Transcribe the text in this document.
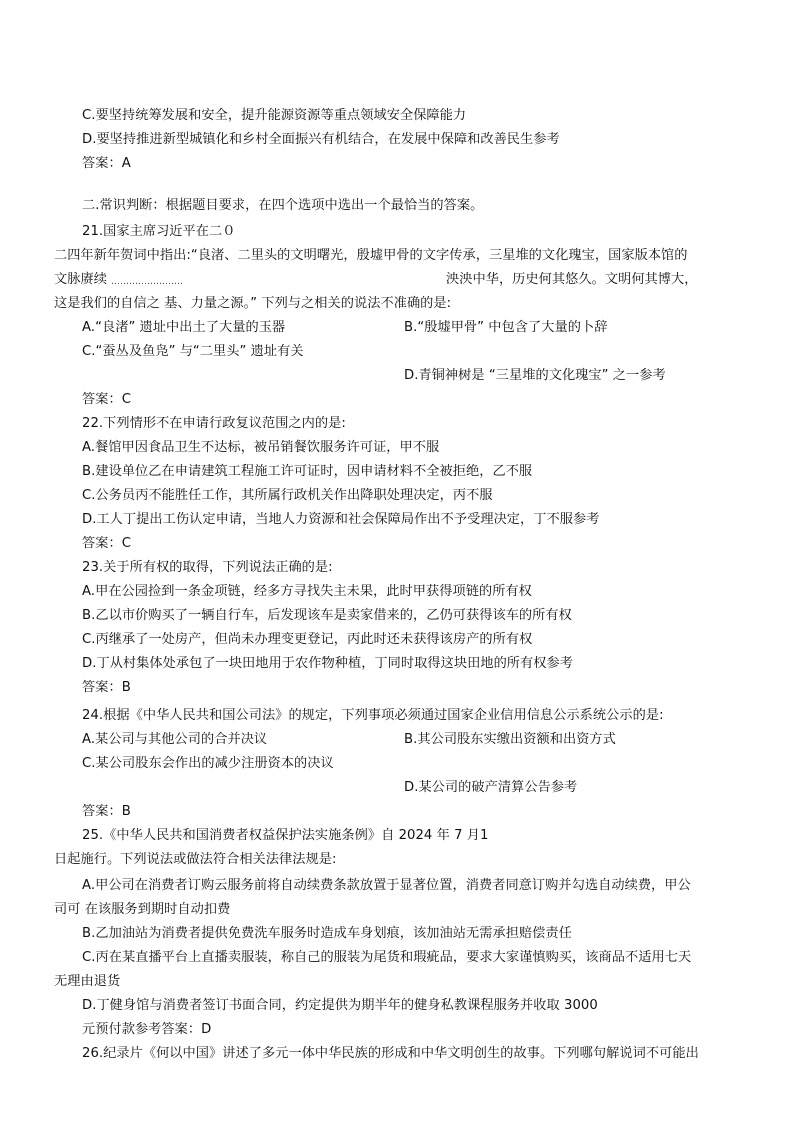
C.要坚持统筹发展和安全，提升能源资源等重点领域安全保障能力
D.要坚持推进新型城镇化和乡村全面振兴有机结合，在发展中保障和改善民生参考
答案：A
二.常识判断：根据题目要求，在四个选项中选出一个最恰当的答案。
21.国家主席习近平在二０
二四年新年贺词中指出:“良渚、二里头的文明曙光，殷墟甲骨的文字传承，三星堆的文化瑰宝，国家版本馆的
文脉赓续 ……………………	泱泱中华，历史何其悠久。文明何其博大，
这是我们的自信之 基、力量之源。” 下列与之相关的说法不准确的是:
A.“良渚” 遗址中出土了大量的玉器	B.“殷墟甲骨” 中包含了大量的卜辞
C.“蚕丛及鱼凫” 与“二里头” 遗址有关
D.青铜神树是 “三星堆的文化瑰宝” 之一参考
答案：C
22.下列情形不在申请行政复议范围之内的是:
A.餐馆甲因食品卫生不达标，被吊销餐饮服务许可证，甲不服
B.建设单位乙在申请建筑工程施工许可证时，因申请材料不全被拒绝，乙不服
C.公务员丙不能胜任工作，其所属行政机关作出降职处理决定，丙不服
D.工人丁提出工伤认定申请，当地人力资源和社会保障局作出不予受理决定，丁不服参考
答案：C
23.关于所有权的取得，下列说法正确的是:
A.甲在公园捡到一条金项链，经多方寻找失主未果，此时甲获得项链的所有权
B.乙以市价购买了一辆自行车，后发现该车是卖家借来的，乙仍可获得该车的所有权
C.丙继承了一处房产，但尚未办理变更登记，丙此时还未获得该房产的所有权
D.丁从村集体处承包了一块田地用于农作物种植，丁同时取得这块田地的所有权参考
答案：B
24.根据《中华人民共和国公司法》的规定，下列事项必须通过国家企业信用信息公示系统公示的是:
A.某公司与其他公司的合并决议	B.其公司股东实缴出资额和出资方式
C.某公司股东会作出的减少注册资本的决议
D.某公司的破产清算公告参考
答案：B
25.《中华人民共和国消费者权益保护法实施条例》自 2024 年 7 月1
日起施行。下列说法或做法符合相关法律法规是:
A.甲公司在消费者订购云服务前将自动续费条款放置于显著位置，消费者同意订购并勾选自动续费，甲公
司可 在该服务到期时自动扣费
B.乙加油站为消费者提供免费洗车服务时造成车身划痕，该加油站无需承担赔偿责任
C.丙在某直播平台上直播卖服装，称自己的服装为尾货和瑕疵品，要求大家谨慎购买，该商品不适用七天
无理由退货
D.丁健身馆与消费者签订书面合同，约定提供为期半年的健身私教课程服务并收取 3000
元预付款参考答案：D
26.纪录片《何以中国》讲述了多元一体中华民族的形成和中华文明创生的故事。下列哪句解说词不可能出
